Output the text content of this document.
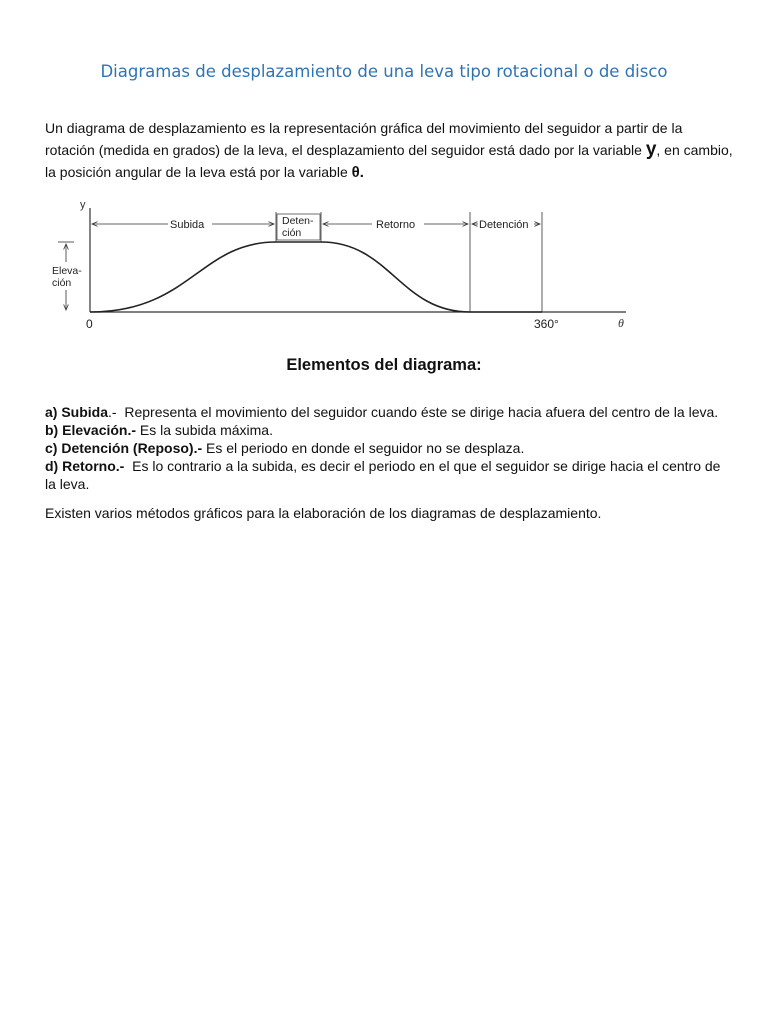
Diagramas de desplazamiento de una leva tipo rotacional o de disco
Un diagrama de desplazamiento es la representación gráfica del movimiento del seguidor a partir de la
rotación (medida en grados) de la leva, el desplazamiento del seguidor está dado por la variable y, en cambio,
la posición angular de la leva está por la variable θ.
y
θ
0	360°
Subida	Deten-
ción
Retorno	Detención
Eleva-
ción
Elementos del diagrama:
a) Subida.-  Representa el movimiento del seguidor cuando éste se dirige hacia afuera del centro de la leva.
b) Elevación.- Es la subida máxima.
c) Detención (Reposo).- Es el periodo en donde el seguidor no se desplaza.
d) Retorno.- Es lo contrario a la subida, es decir el periodo en el que el seguidor se dirige hacia el centro de la leva.
Existen varios métodos gráficos para la elaboración de los diagramas de desplazamiento.
